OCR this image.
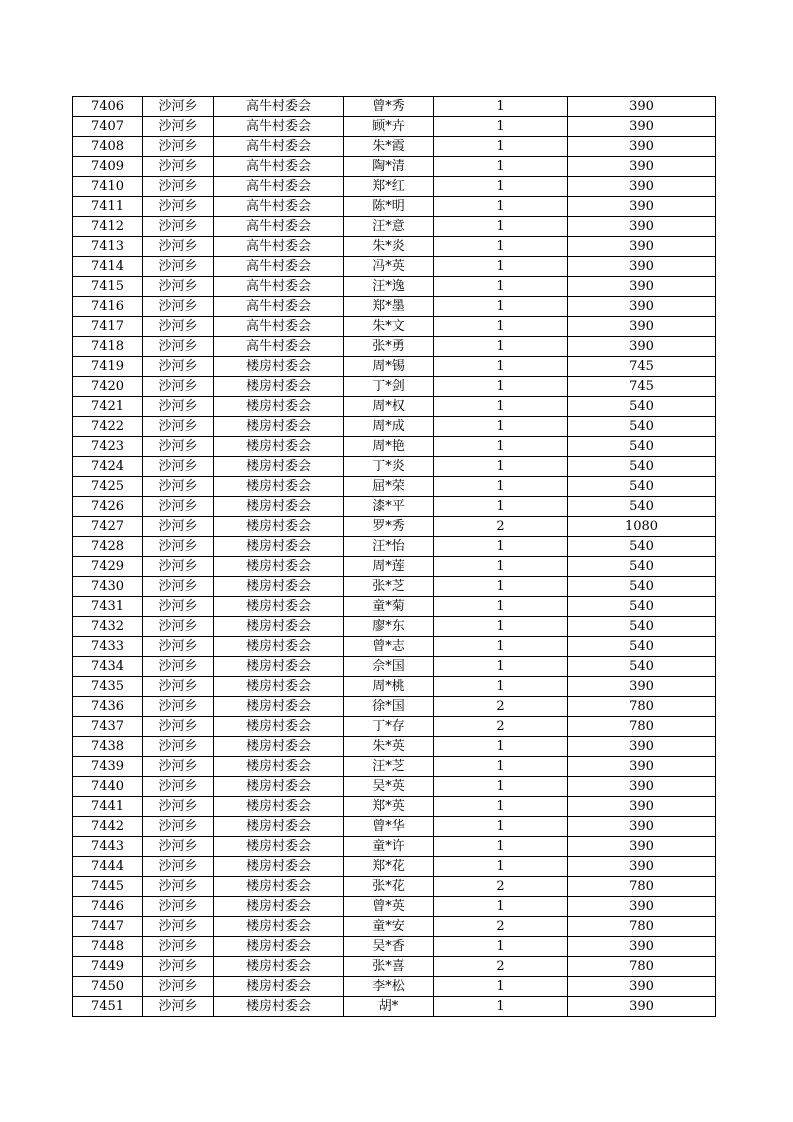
7406	沙河乡	高牛村委会	曾*秀	1	390
7407	沙河乡	高牛村委会	顾*卉	1	390
7408	沙河乡	高牛村委会	朱*霞	1	390
7409	沙河乡	高牛村委会	陶*清	1	390
7410	沙河乡	高牛村委会	郑*红	1	390
7411	沙河乡	高牛村委会	陈*明	1	390
7412	沙河乡	高牛村委会	汪*意	1	390
7413	沙河乡	高牛村委会	朱*炎	1	390
7414	沙河乡	高牛村委会	冯*英	1	390
7415	沙河乡	高牛村委会	汪*逸	1	390
7416	沙河乡	高牛村委会	郑*墨	1	390
7417	沙河乡	高牛村委会	朱*文	1	390
7418	沙河乡	高牛村委会	张*勇	1	390
7419	沙河乡	楼房村委会	周*锡	1	745
7420	沙河乡	楼房村委会	丁*剑	1	745
7421	沙河乡	楼房村委会	周*权	1	540
7422	沙河乡	楼房村委会	周*成	1	540
7423	沙河乡	楼房村委会	周*艳	1	540
7424	沙河乡	楼房村委会	丁*炎	1	540
7425	沙河乡	楼房村委会	屈*荣	1	540
7426	沙河乡	楼房村委会	漆*平	1	540
7427	沙河乡	楼房村委会	罗*秀	2	1080
7428	沙河乡	楼房村委会	汪*怡	1	540
7429	沙河乡	楼房村委会	周*莲	1	540
7430	沙河乡	楼房村委会	张*芝	1	540
7431	沙河乡	楼房村委会	童*菊	1	540
7432	沙河乡	楼房村委会	廖*东	1	540
7433	沙河乡	楼房村委会	曾*志	1	540
7434	沙河乡	楼房村委会	佘*国	1	540
7435	沙河乡	楼房村委会	周*桃	1	390
7436	沙河乡	楼房村委会	徐*国	2	780
7437	沙河乡	楼房村委会	丁*存	2	780
7438	沙河乡	楼房村委会	朱*英	1	390
7439	沙河乡	楼房村委会	汪*芝	1	390
7440	沙河乡	楼房村委会	吴*英	1	390
7441	沙河乡	楼房村委会	郑*英	1	390
7442	沙河乡	楼房村委会	曾*华	1	390
7443	沙河乡	楼房村委会	童*许	1	390
7444	沙河乡	楼房村委会	郑*花	1	390
7445	沙河乡	楼房村委会	张*花	2	780
7446	沙河乡	楼房村委会	曾*英	1	390
7447	沙河乡	楼房村委会	童*安	2	780
7448	沙河乡	楼房村委会	吴*香	1	390
7449	沙河乡	楼房村委会	张*喜	2	780
7450	沙河乡	楼房村委会	李*松	1	390
7451	沙河乡	楼房村委会	胡*	1	390
